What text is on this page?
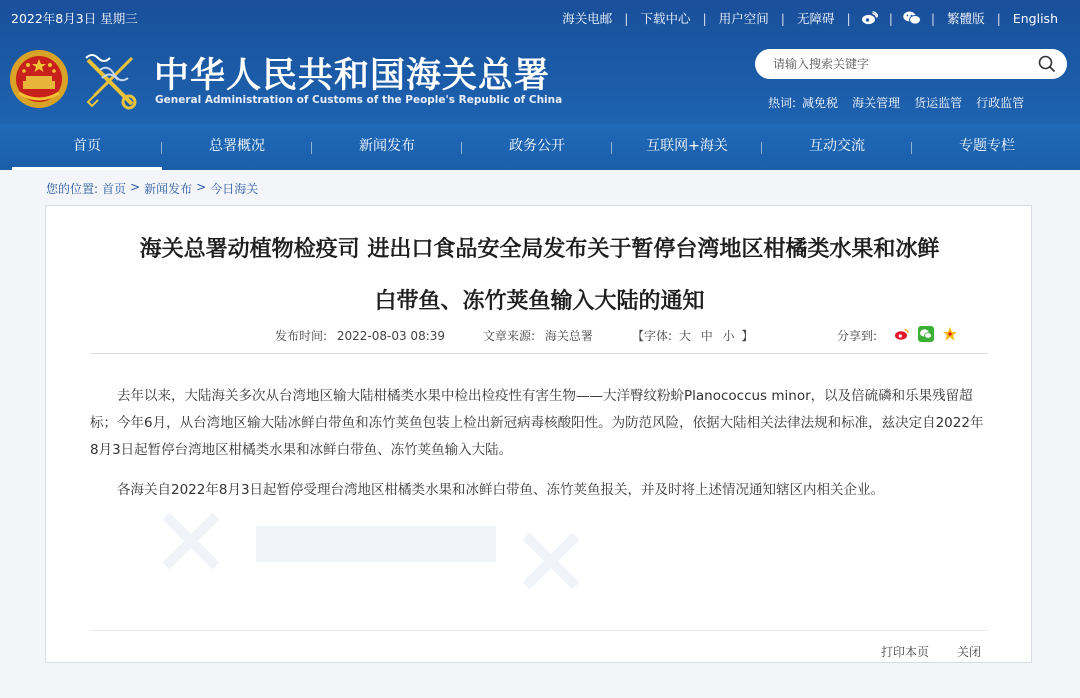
2022年8月3日 星期三	海关电邮 | 下载中心 | 用户空间 | 无障碍 |	|	| 繁體版 | English
中华人民共和国海关总署
General Administration of Customs of the People's Republic of China
请输入搜索关键字	热词: 减免税 海关管理 货运监管 行政监管
首页	总署概况	新闻发布	政务公开	互联网+海关	互动交流	专题专栏
您的位置: 首页 > 新闻发布 > 今日海关
海关总署动植物检疫司 进出口食品安全局发布关于暂停台湾地区柑橘类水果和冰鲜
白带鱼、冻竹荚鱼输入大陆的通知
发布时间: 2022-08-03 08:39	文章来源: 海关总署	【字体: 大 中 小 】	分享到:

去年以来，大陆海关多次从台湾地区输大陆柑橘类水果中检出检疫性有害生物——大洋臀纹粉蚧Planococcus minor，以及倍硫磷和乐果残留超标；今年6月，从台湾地区输大陆冰鲜白带鱼和冻竹荚鱼包装上检出新冠病毒核酸阳性。为防范风险，依据大陆相关法律法规和标准，兹决定自2022年8月3日起暂停台湾地区柑橘类水果和冰鲜白带鱼、冻竹荚鱼输入大陆。

各海关自2022年8月3日起暂停受理台湾地区柑橘类水果和冰鲜白带鱼、冻竹荚鱼报关，并及时将上述情况通知辖区内相关企业。

打印本页 关闭
